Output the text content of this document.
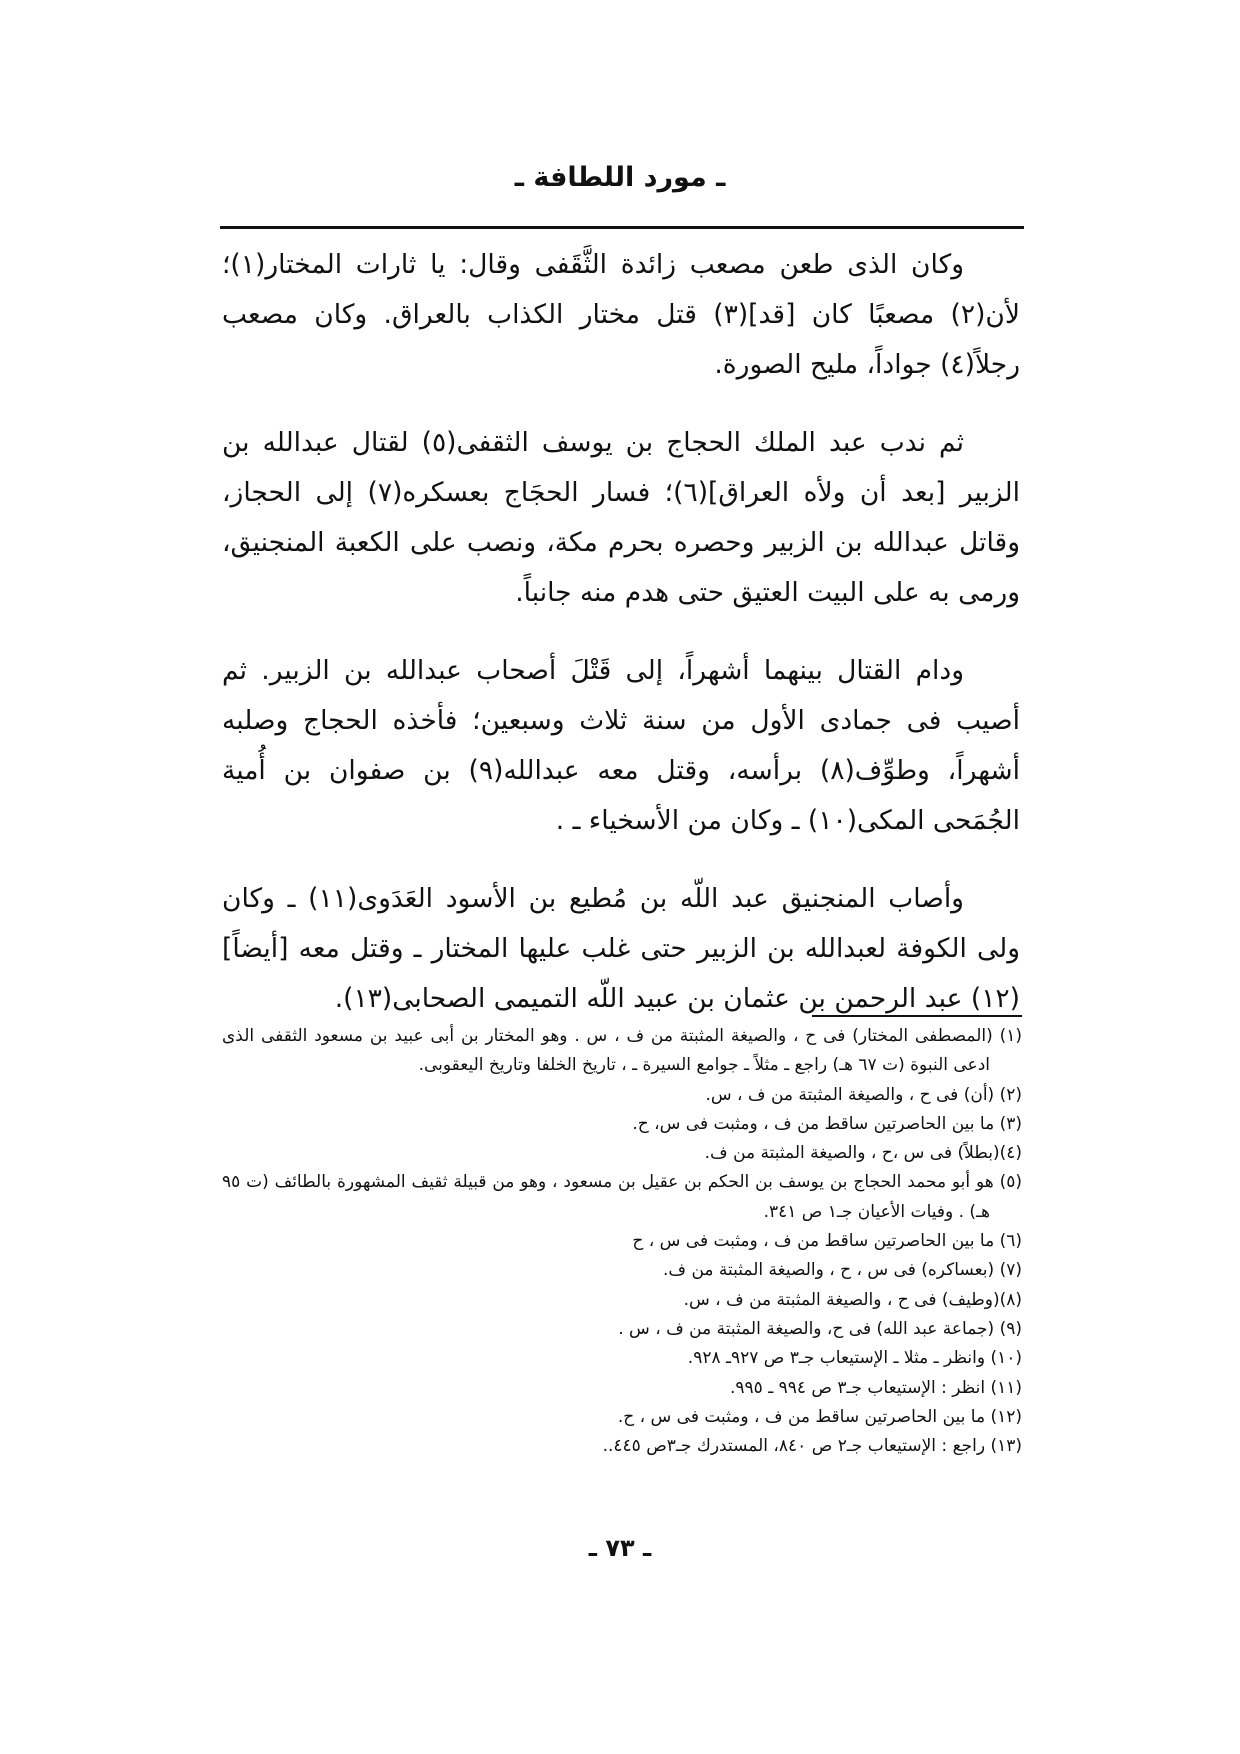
ـ مورد اللطافة ـ

وكان الذى طعن مصعب زائدة الثَّقَفى وقال: يا ثارات المختار(١)؛ لأن(٢) مصعبًا كان [قد](٣) قتل مختار الكذاب بالعراق. وكان مصعب رجلاً(٤) جواداً، مليح الصورة.

ثم ندب عبد الملك الحجاج بن يوسف الثقفى(٥) لقتال عبدالله بن الزبير [بعد أن ولأه العراق](٦)؛ فسار الحجَاج بعسكره(٧) إلى الحجاز، وقاتل عبدالله بن الزبير وحصره بحرم مكة، ونصب على الكعبة المنجنيق، ورمى به على البيت العتيق حتى هدم منه جانباً.

ودام القتال بينهما أشهراً، إلى قَتْلَ أصحاب عبدالله بن الزبير. ثم أصيب فى جمادى الأول من سنة ثلاث وسبعين؛ فأخذه الحجاج وصلبه أشهراً، وطوِّف(٨) برأسه، وقتل معه عبدالله(٩) بن صفوان بن أُمية الجُمَحى المكى(١٠) ـ وكان من الأسخياء ـ .

وأصاب المنجنيق عبد اللّه بن مُطيع بن الأسود العَدَوى(١١) ـ وكان ولى الكوفة لعبدالله بن الزبير حتى غلب عليها المختار ـ وقتل معه [أيضاً](١٢) عبد الرحمن بن عثمان بن عبيد اللّه التميمى الصحابى(١٣).

(١) (المصطفى المختار) فى ح ، والصيغة المثبتة من ف ، س . وهو المختار بن أبى عبيد بن مسعود الثقفى الذى ادعى النبوة (ت ٦٧ هـ) راجع ـ مثلاً ـ جوامع السيرة ـ ، تاريخ الخلفا وتاريخ اليعقوبى.
(٢) (أن) فى ح ، والصيغة المثبتة من ف ، س.
(٣) ما بين الحاصرتين ساقط من ف ، ومثبت فى س، ح.
(٤)(بطلاً) فى س ،ح ، والصيغة المثبتة من ف.
(٥) هو أبو محمد الحجاج بن يوسف بن الحكم بن عقيل بن مسعود ، وهو من قبيلة ثقيف المشهورة بالطائف (ت ٩٥ هـ) . وفيات الأعيان جـ١ ص ٣٤١.
(٦) ما بين الحاصرتين ساقط من ف ، ومثبت فى س ، ح
(٧) (بعساكره) فى س ، ح ، والصيغة المثبتة من ف.
(٨)(وطيف) فى ح ، والصيغة المثبتة من ف ، س.
(٩) (جماعة عبد الله) فى ح، والصيغة المثبتة من ف ، س .
(١٠) وانظر ـ مثلا ـ الإستيعاب جـ٣ ص ٩٢٧ـ ٩٢٨.
(١١) انظر : الإستيعاب جـ٣ ص ٩٩٤ ـ ٩٩٥.
(١٢) ما بين الحاصرتين ساقط من ف ، ومثبت فى س ، ح.
(١٣) راجع : الإستيعاب جـ٢ ص ٨٤٠، المستدرك جـ٣ص ٤٤٥..
ـ ٧٣ ـ
